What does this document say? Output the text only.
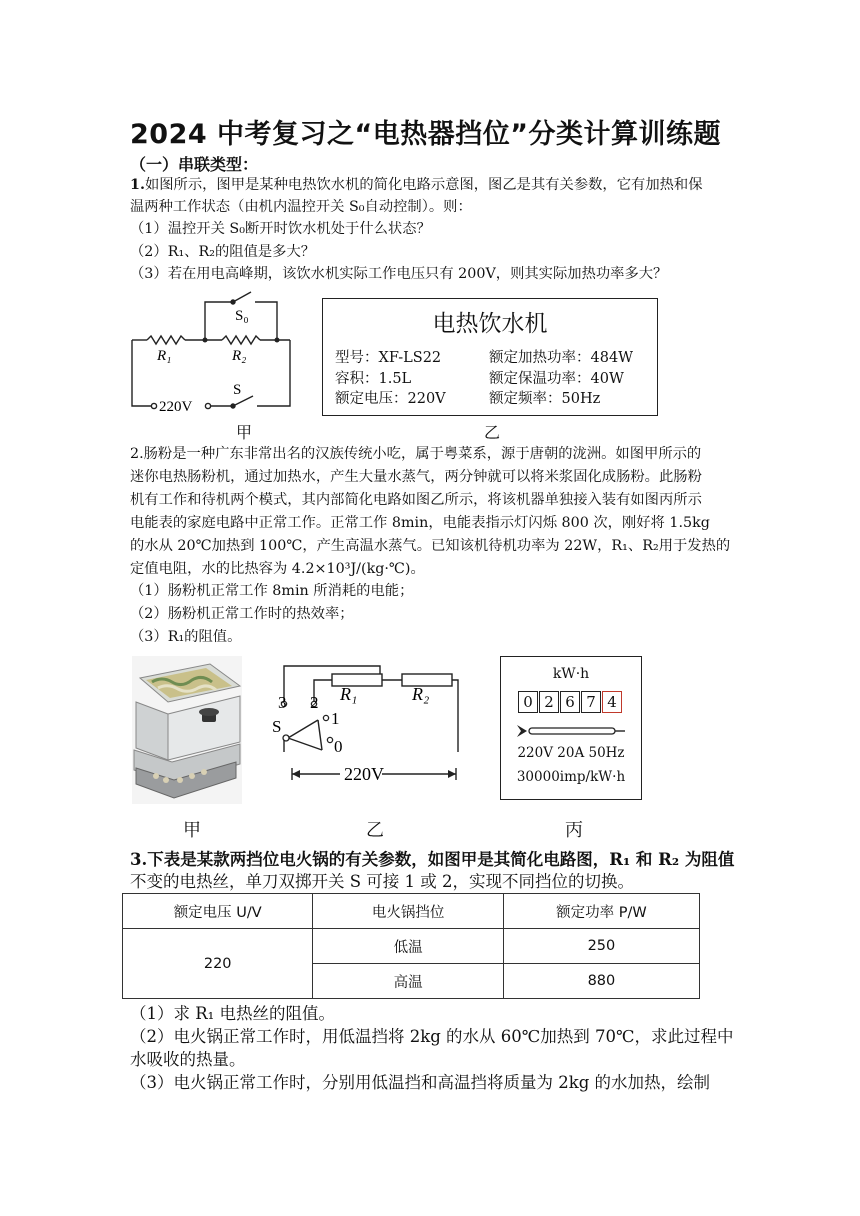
2024 中考复习之“电热器挡位”分类计算训练题
（一）串联类型：
1.如图所示，图甲是某种电热饮水机的简化电路示意图，图乙是其有关参数，它有加热和保
温两种工作状态（由机内温控开关 S₀自动控制）。则：
（1）温控开关 S₀断开时饮水机处于什么状态？
（2）R₁、R₂的阻值是多大？
（3）若在用电高峰期，该饮水机实际工作电压只有 200V，则其实际加热功率多大？
S₀
R₁	R₂
220V
S
甲
电热饮水机
型号：XF-LS22	额定加热功率：484W
容积：1.5L	额定保温功率：40W
额定电压：220V	额定频率：50Hz
乙
2.肠粉是一种广东非常出名的汉族传统小吃，属于粤菜系，源于唐朝的泷洲。如图甲所示的
迷你电热肠粉机，通过加热水，产生大量水蒸气，两分钟就可以将米浆固化成肠粉。此肠粉
机有工作和待机两个模式，其内部简化电路如图乙所示，将该机器单独接入装有如图丙所示
电能表的家庭电路中正常工作。正常工作 8min，电能表指示灯闪烁 800 次，刚好将 1.5kg
的水从 20℃加热到 100℃，产生高温水蒸气。已知该机待机功率为 22W，R₁、R₂用于发热的
定值电阻，水的比热容为 4.2×10³J/(kg·℃)。
（1）肠粉机正常工作 8min 所消耗的电能；
（2）肠粉机正常工作时的热效率；
（3）R₁的阻值。
甲
3 2
1
0
S
R₁	R₂
220V
乙
kW·h
0 2 6 7 4
220V 20A 50Hz
30000imp/kW·h
丙
3.下表是某款两挡位电火锅的有关参数，如图甲是其简化电路图，R₁ 和 R₂ 为阻值
不变的电热丝，单刀双掷开关 S 可接 1 或 2，实现不同挡位的切换。
额定电压 U/V	电火锅挡位	额定功率 P/W
220	低温	250
	高温	880
（1）求 R₁ 电热丝的阻值。
（2）电火锅正常工作时，用低温挡将 2kg 的水从 60℃加热到 70℃，求此过程中
水吸收的热量。
（3）电火锅正常工作时，分别用低温挡和高温挡将质量为 2kg 的水加热，绘制
